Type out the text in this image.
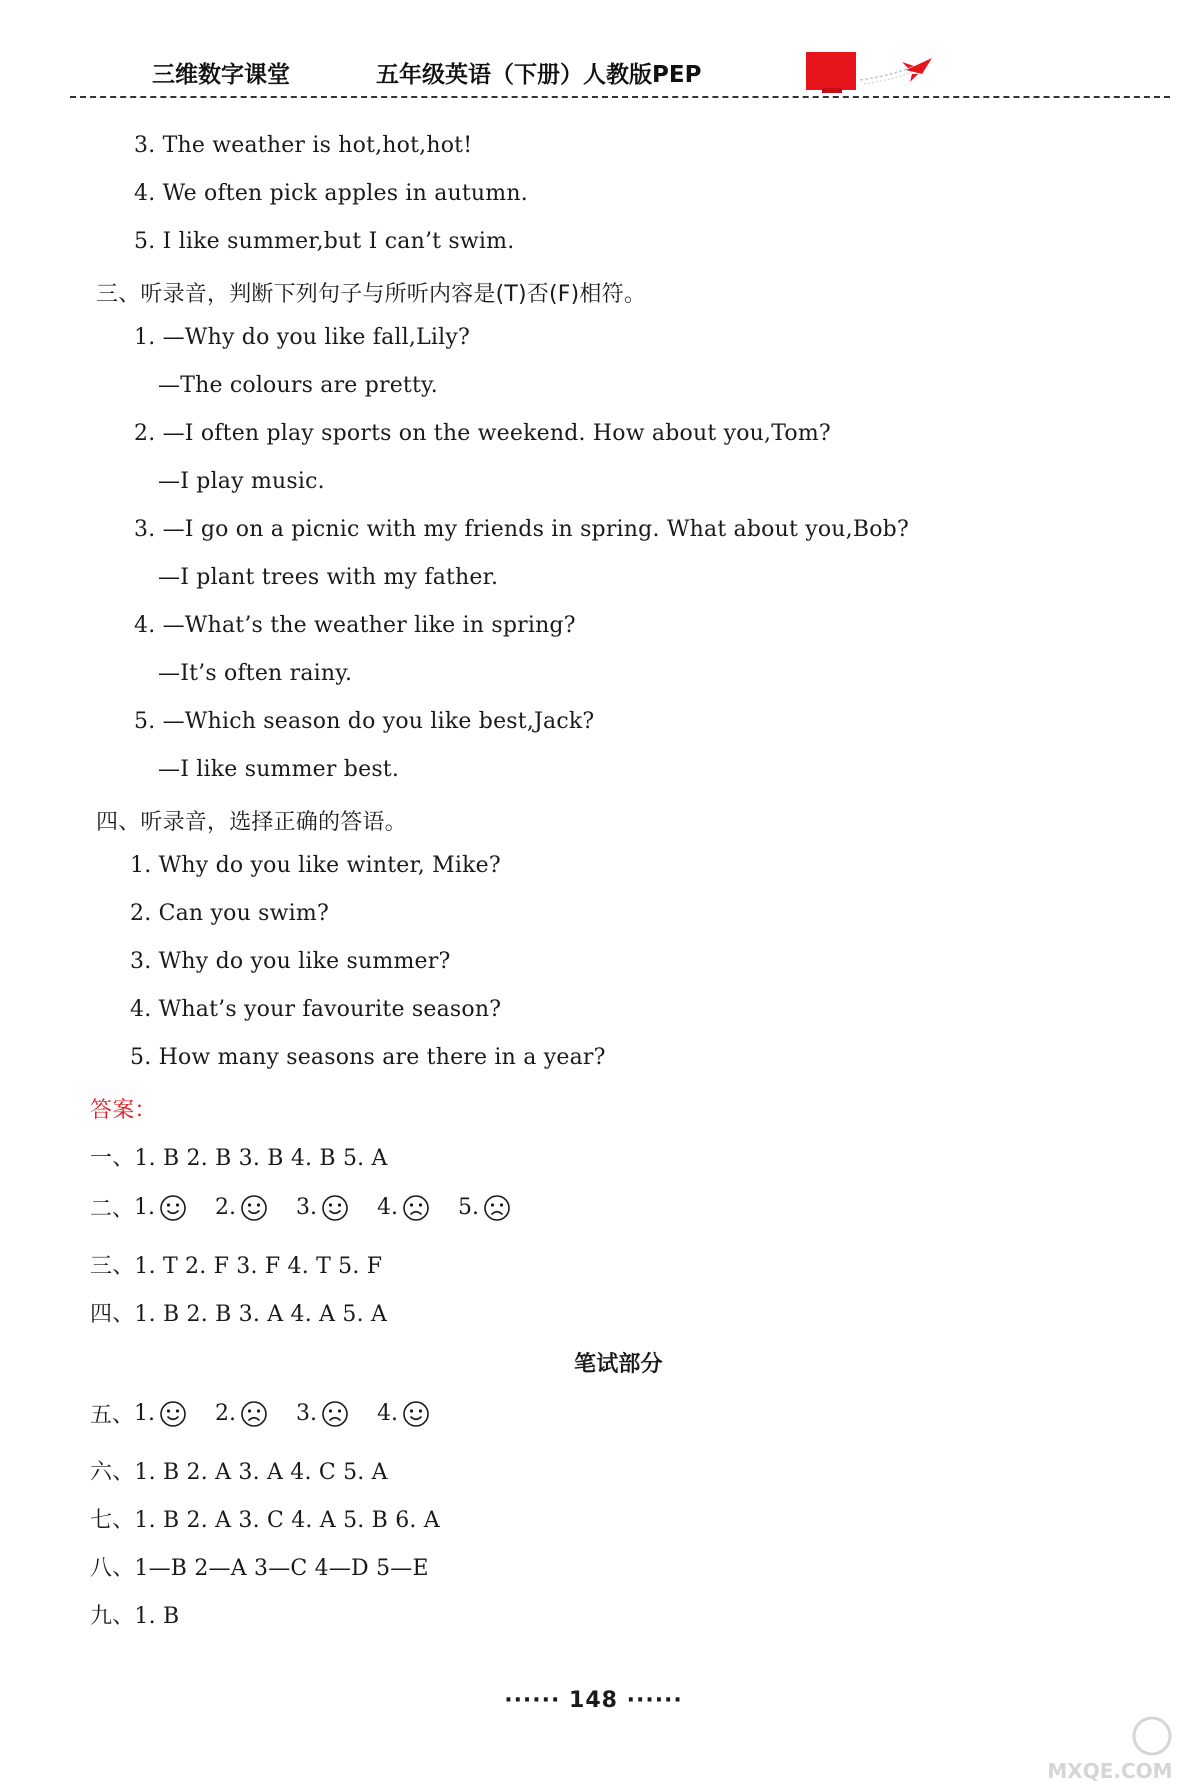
三维数字课堂	五年级英语（下册）人教版PEP
3. The weather is hot,hot,hot!
4. We often pick apples in autumn.
5. I like summer,but I can’t swim.
三、听录音，判断下列句子与所听内容是(T)否(F)相符。
1. —Why do you like fall,Lily?
—The colours are pretty.
2. —I often play sports on the weekend. How about you,Tom?
—I play music.
3. —I go on a picnic with my friends in spring. What about you,Bob?
—I plant trees with my father.
4. —What’s the weather like in spring?
—It’s often rainy.
5. —Which season do you like best,Jack?
—I like summer best.
四、听录音，选择正确的答语。
1. Why do you like winter, Mike?
2. Can you swim?
3. Why do you like summer?
4. What’s your favourite season?
5. How many seasons are there in a year?
答案：
一、1. B 2. B 3. B 4. B 5. A
二、 1.	2.	3.	4.	5.
三、1. T 2. F 3. F 4. T 5. F
四、1. B 2. B 3. A 4. A 5. A
笔试部分
五、 1.	2.	3.	4.
六、1. B 2. A 3. A 4. C 5. A
七、1. B 2. A 3. C 4. A 5. B 6. A
八、1—B 2—A 3—C 4—D 5—E
九、1. B
······ 148 ······
MXQE.COM
